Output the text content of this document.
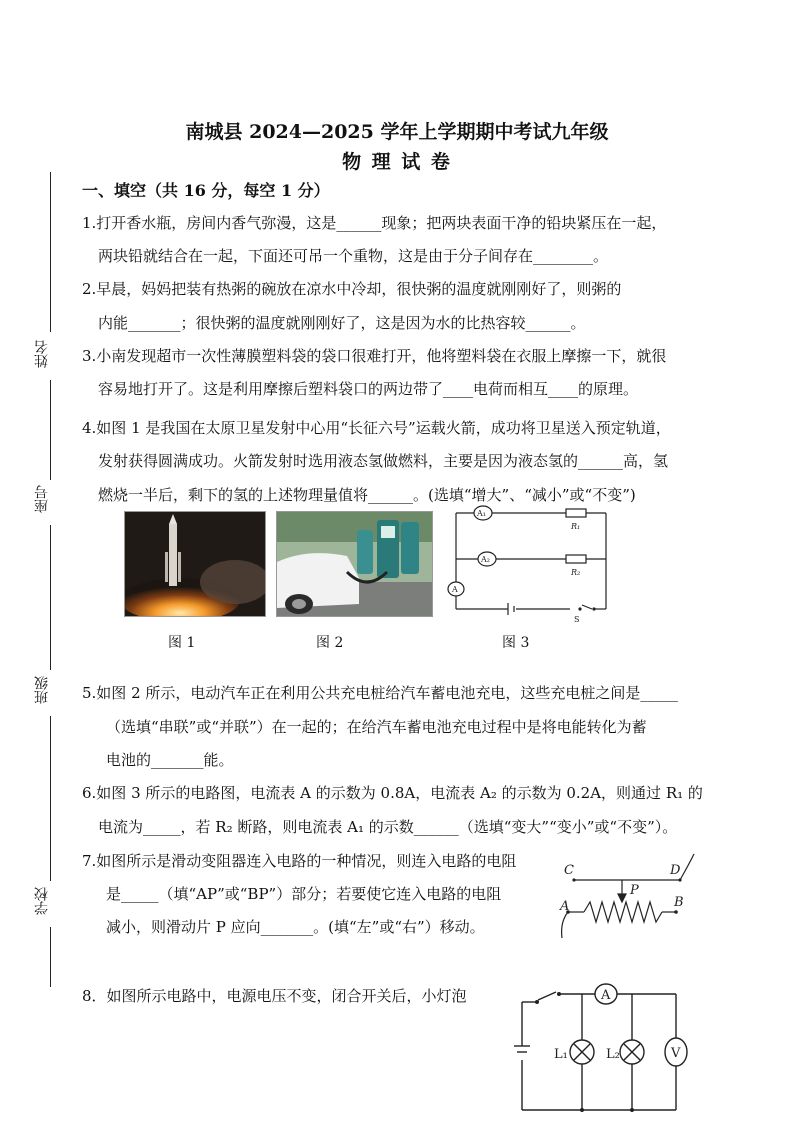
南城县 2024—2025 学年上学期期中考试九年级
物 理 试 卷
姓名
座号
班级
学校
一、填空（共 16 分，每空 1 分）
1.打开香水瓶，房间内香气弥漫，这是______现象；把两块表面干净的铅块紧压在一起，
两块铅就结合在一起，下面还可吊一个重物，这是由于分子间存在________。
2.早晨，妈妈把装有热粥的碗放在凉水中冷却，很快粥的温度就刚刚好了，则粥的
内能_______；很快粥的温度就刚刚好了，这是因为水的比热容较______。
3.小南发现超市一次性薄膜塑料袋的袋口很难打开，他将塑料袋在衣服上摩擦一下，就很
容易地打开了。这是利用摩擦后塑料袋口的两边带了____电荷而相互____的原理。
4.如图 1 是我国在太原卫星发射中心用“长征六号”运载火箭，成功将卫星送入预定轨道，
发射获得圆满成功。火箭发射时选用液态氢做燃料，主要是因为液态氢的______高，氢
燃烧一半后，剩下的氢的上述物理量值将______。(选填“增大”、“减小”或“不变”)
A₁
A₂
A
R₁
R₂
S
图 1	图 2	图 3
5.如图 2 所示，电动汽车正在利用公共充电桩给汽车蓄电池充电，这些充电桩之间是_____
（选填“串联”或“并联”）在一起的；在给汽车蓄电池充电过程中是将电能转化为蓄
电池的_______能。
6.如图 3 所示的电路图，电流表 A 的示数为 0.8A，电流表 A₂ 的示数为 0.2A，则通过 R₁ 的
电流为_____，若 R₂ 断路，则电流表 A₁ 的示数______（选填“变大”“变小”或“不变”）。
7.如图所示是滑动变阻器连入电路的一种情况，则连入电路的电阻
是_____（填“AP”或“BP”）部分；若要使它连入电路的电阻
减小，则滑动片 P 应向_______。(填“左”或“右”）移动。
C	D
P
A	B
8．如图所示电路中，电源电压不变，闭合开关后，小灯泡	A
L₁	L₂	V
